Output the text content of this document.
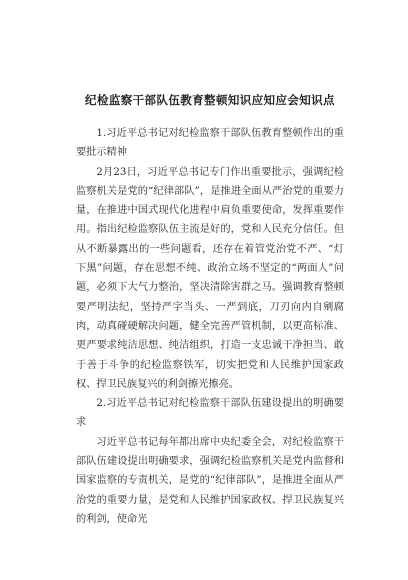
纪检监察干部队伍教育整顿知识应知应会知识点

1.习近平总书记对纪检监察干部队伍教育整顿作出的重要批示精神

2月23日，习近平总书记专门作出重要批示，强调纪检监察机关是党的“纪律部队”，是推进全面从严治党的重要力量，在推进中国式现代化进程中肩负重要使命，发挥重要作用。指出纪检监察队伍主流是好的，党和人民充分信任。但从不断暴露出的一些问题看，还存在着管党治党不严、“灯下黑”问题，存在思想不纯、政治立场不坚定的“两面人”问题，必须下大气力整治，坚决清除害群之马。强调教育整顿要严明法纪，坚持严字当头、一严到底，刀刃向内自剜腐肉，动真碰硬解决问题，健全完善严管机制，以更高标准、更严要求纯洁思想、纯洁组织，打造一支忠诚干净担当、敢于善于斗争的纪检监察铁军，切实把党和人民维护国家政权、捍卫民族复兴的利剑擦光擦亮。

2.习近平总书记对纪检监察干部队伍建设提出的明确要求

习近平总书记每年都出席中央纪委全会，对纪检监察干部队伍建设提出明确要求，强调纪检监察机关是党内监督和国家监察的专责机关，是党的“纪律部队”，是推进全面从严治党的重要力量，是党和人民维护国家政权、捍卫民族复兴的利剑，使命光
